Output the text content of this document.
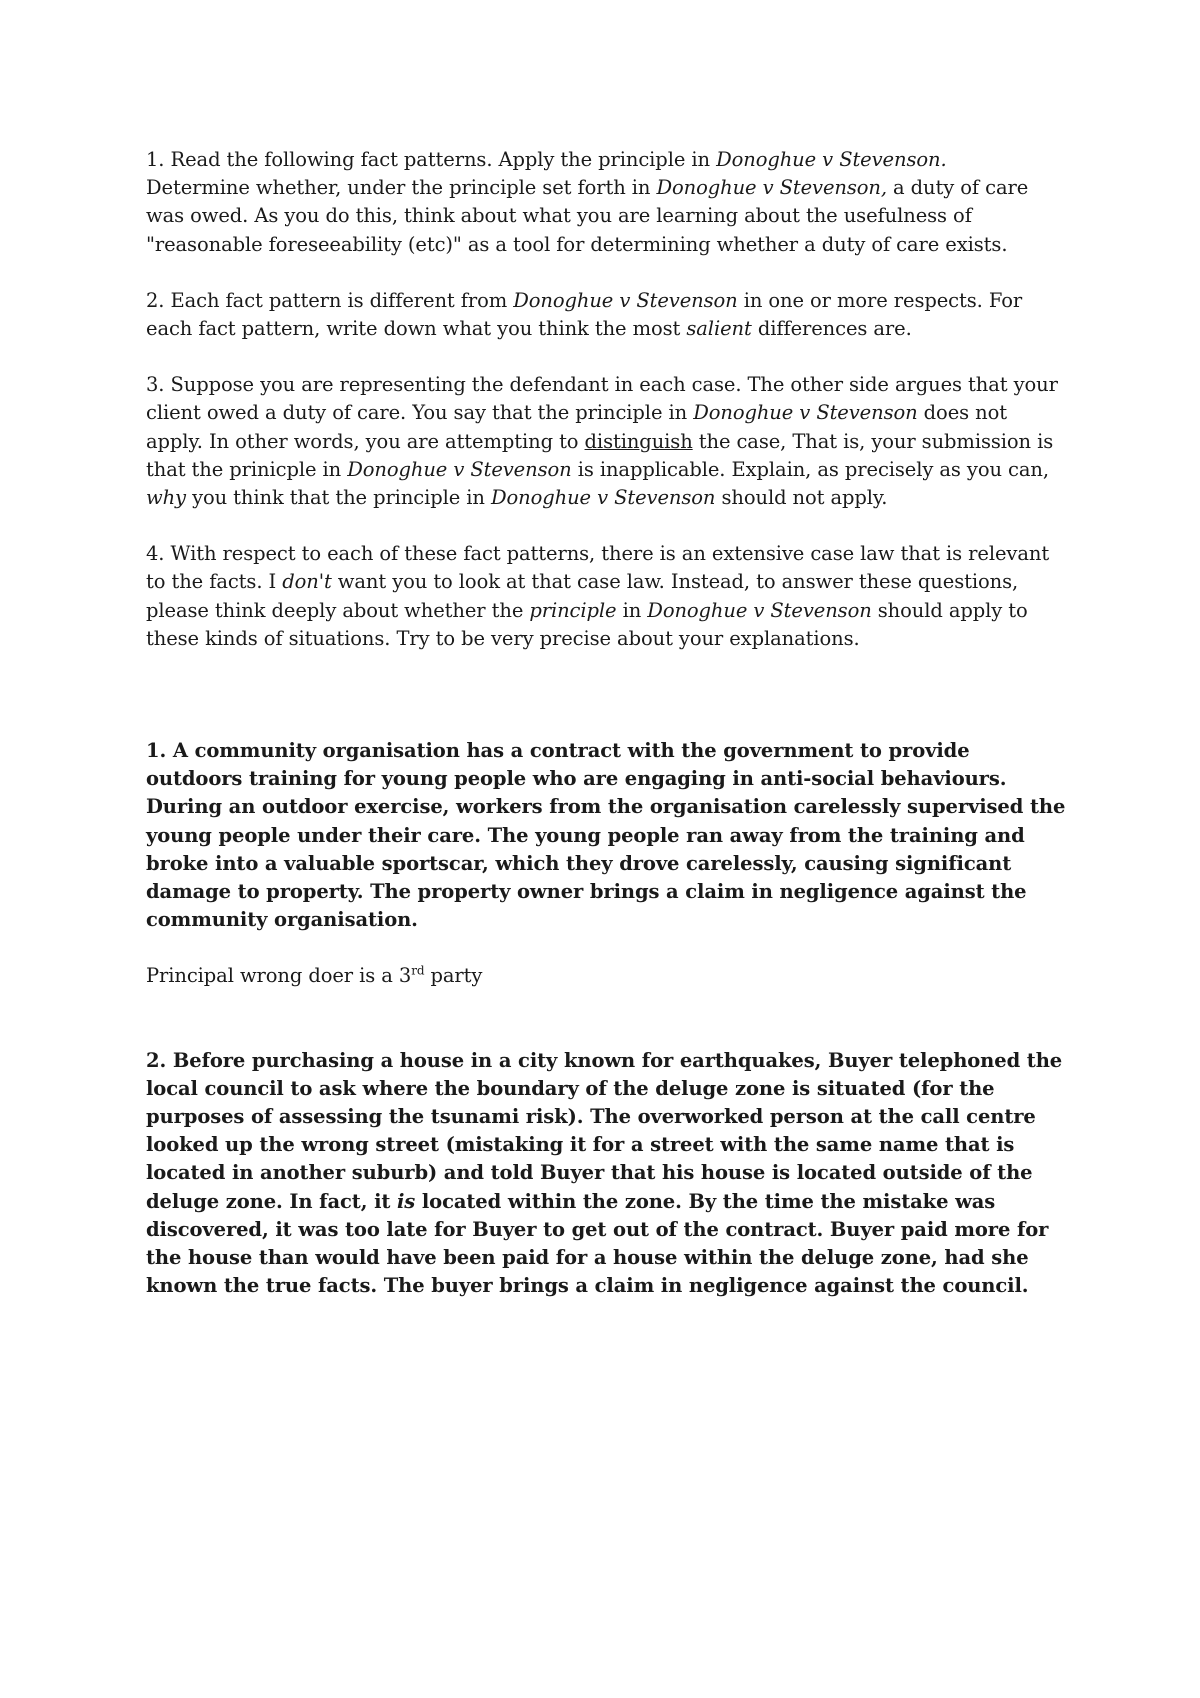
1. Read the following fact patterns. Apply the principle in Donoghue v Stevenson.
Determine whether, under the principle set forth in Donoghue v Stevenson, a duty of care was owed. As you do this, think about what you are learning about the usefulness of "reasonable foreseeability (etc)" as a tool for determining whether a duty of care exists.

2. Each fact pattern is different from Donoghue v Stevenson in one or more respects. For each fact pattern, write down what you think the most salient differences are.

3. Suppose you are representing the defendant in each case. The other side argues that your client owed a duty of care. You say that the principle in Donoghue v Stevenson does not apply. In other words, you are attempting to distinguish the case, That is, your submission is that the prinicple in Donoghue v Stevenson is inapplicable. Explain, as precisely as you can, why you think that the principle in Donoghue v Stevenson should not apply.

4. With respect to each of these fact patterns, there is an extensive case law that is relevant to the facts. I don't want you to look at that case law. Instead, to answer these questions, please think deeply about whether the principle in Donoghue v Stevenson should apply to these kinds of situations. Try to be very precise about your explanations.

1. A community organisation has a contract with the government to provide outdoors training for young people who are engaging in anti-social behaviours. During an outdoor exercise, workers from the organisation carelessly supervised the young people under their care. The young people ran away from the training and broke into a valuable sportscar, which they drove carelessly, causing significant damage to property. The property owner brings a claim in negligence against the community organisation.

Principal wrong doer is a 3rd party

2. Before purchasing a house in a city known for earthquakes, Buyer telephoned the local council to ask where the boundary of the deluge zone is situated (for the purposes of assessing the tsunami risk). The overworked person at the call centre looked up the wrong street (mistaking it for a street with the same name that is located in another suburb) and told Buyer that his house is located outside of the deluge zone. In fact, it is located within the zone. By the time the mistake was discovered, it was too late for Buyer to get out of the contract. Buyer paid more for the house than would have been paid for a house within the deluge zone, had she known the true facts. The buyer brings a claim in negligence against the council.
